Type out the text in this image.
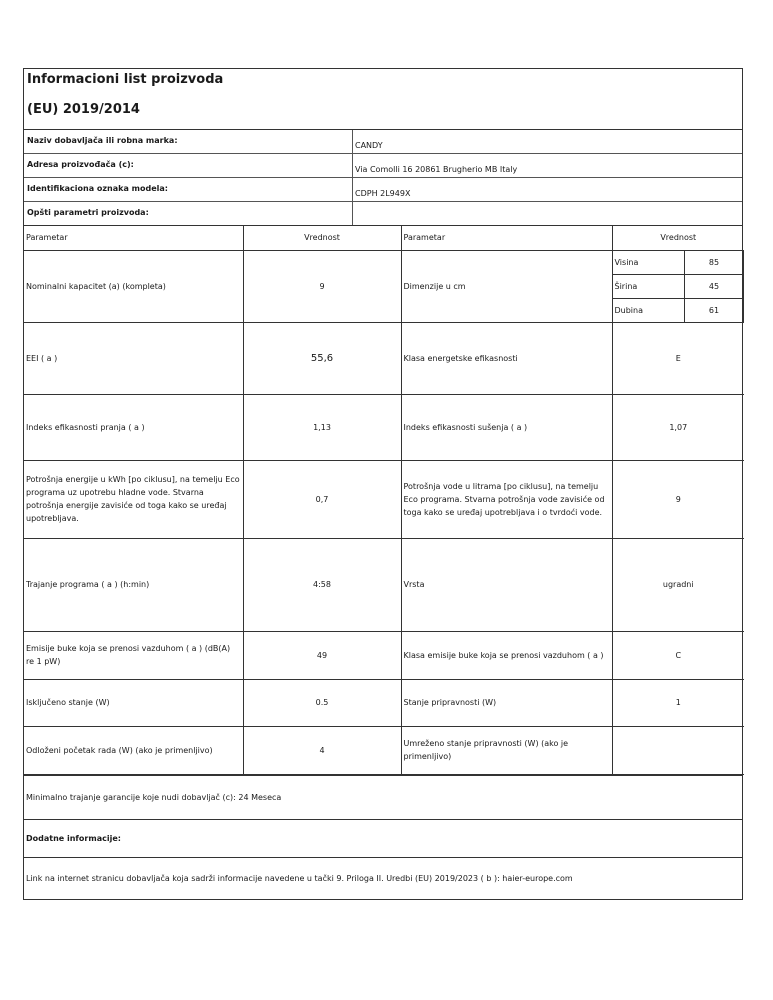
Informacioni list proizvoda
(EU) 2019/2014
Naziv dobavljača ili robna marka:
CANDY
Adresa proizvođača (c):
Via Comolli 16 20861 Brugherio MB Italy
Identifikaciona oznaka modela:
CDPH 2L949X
Opšti parametri proizvoda:
Parametar	Vrednost	Parametar	Vrednost
Nominalni kapacitet (a) (kompleta)	9	Dimenzije u cm	
Visina	85
Širina	45
Dubina	61

EEI ( a )	55,6	Klasa energetske efikasnosti	E
Indeks efikasnosti pranja ( a )	1,13	Indeks efikasnosti sušenja ( a )	1,07
Potrošnja energije u kWh [po ciklusu], na temelju Eco programa uz upotrebu hladne vode. Stvarna potrošnja energije zavisiće od toga kako se uređaj upotrebljava.	0,7	Potrošnja vode u litrama [po ciklusu], na temelju Eco programa. Stvarna potrošnja vode zavisiće od toga kako se uređaj upotrebljava i o tvrdoći vode.	9
Trajanje programa ( a ) (h:min)	4:58	Vrsta	ugradni
Emisije buke koja se prenosi vazduhom ( a ) (dB(A) re 1 pW)	49	Klasa emisije buke koja se prenosi vazduhom ( a )	C
Isključeno stanje (W)	0.5	Stanje pripravnosti (W)	1
Odloženi početak rada (W) (ako je primenljivo)	4	Umreženo stanje pripravnosti (W) (ako je primenljivo)	
Minimalno trajanje garancije koje nudi dobavljač (c): 24 Meseca
Dodatne informacije:
Link na internet stranicu dobavljača koja sadrži informacije navedene u tački 9. Priloga II. Uredbi (EU) 2019/2023 ( b ): haier-europe.com
